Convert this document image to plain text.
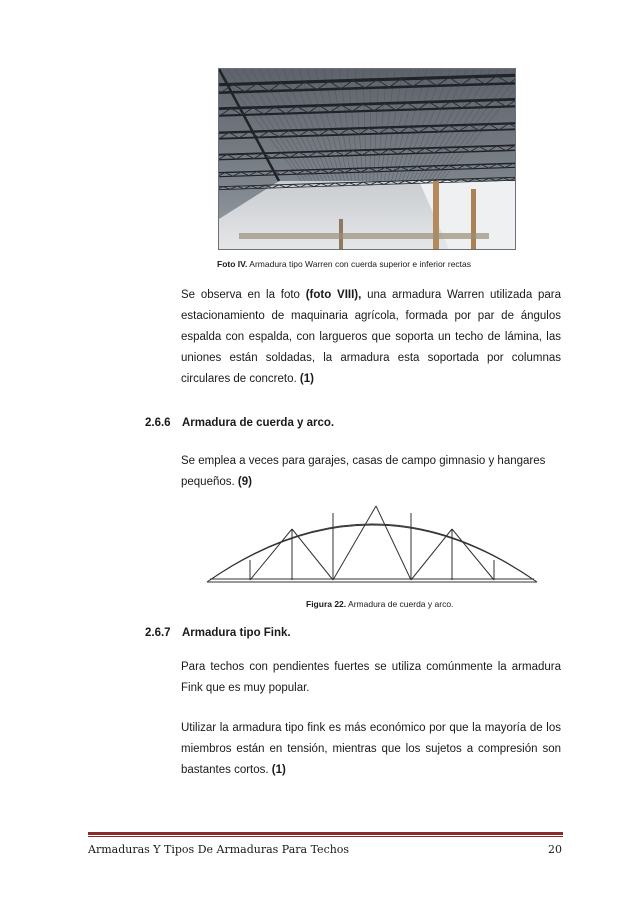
Foto IV. Armadura tipo Warren con cuerda superior e inferior rectas

Se observa en la foto (foto VIII), una armadura Warren utilizada para estacionamiento de maquinaria agrícola, formada por par de ángulos espalda con espalda, con largueros que soporta un techo de lámina, las uniones están soldadas, la armadura esta soportada por columnas circulares de concreto. (1)

2.6.6 Armadura de cuerda y arco.

Se emplea a veces para garajes, casas de campo gimnasio y hangares pequeños. (9)

Figura 22. Armadura de cuerda y arco.
2.6.7 Armadura tipo Fink.

Para techos con pendientes fuertes se utiliza comúnmente la armadura Fink que es muy popular.

Utilizar la armadura tipo fink es más económico por que la mayoría de los miembros están en tensión, mientras que los sujetos a compresión son bastantes cortos. (1)

Armaduras Y Tipos De Armaduras Para Techos	20
